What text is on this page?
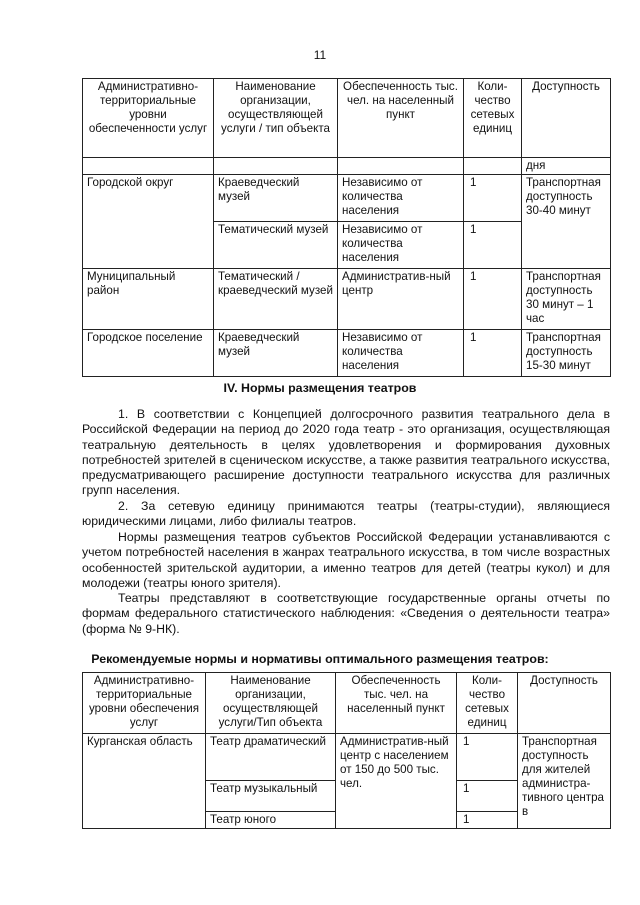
11
Административно-территориальные уровни обеспеченности услуг	Наименование организации, осуществляющей услуги / тип объекта	Обеспеченность тыс. чел. на населенный пункт	Коли-чество сетевых единиц	Доступность
				дня
Городской округ	Краеведческий музей	Независимо от количества населения	1	Транспортная доступность 30-40 минут
	Тематический музей	Независимо от количества населения	1	
Муниципальный район	Тематический / краеведческий музей	Административ-ный центр	1	Транспортная доступность 30 минут – 1 час
Городское поселение	Краеведческий музей	Независимо от количества населения	1	Транспортная доступность 15-30 минут
IV. Нормы размещения театров
1. В соответствии с Концепцией долгосрочного развития театрального дела в Российской Федерации на период до 2020 года театр - это организация, осуществляющая театральную деятельность в целях удовлетворения и формирования духовных потребностей зрителей в сценическом искусстве, а также развития театрального искусства, предусматривающего расширение доступности театрального искусства для различных групп населения.
2. За сетевую единицу принимаются театры (театры-студии), являющиеся юридическими лицами, либо филиалы театров.
Нормы размещения театров субъектов Российской Федерации устанавливаются с учетом потребностей населения в жанрах театрального искусства, в том числе возрастных особенностей зрительской аудитории, а именно театров для детей (театры кукол) и для молодежи (театры юного зрителя).
Театры представляют в соответствующие государственные органы отчеты по формам федерального статистического наблюдения: «Сведения о деятельности театра» (форма № 9-НК).
Рекомендуемые нормы и нормативы оптимального размещения театров:
Административно-территориальные уровни обеспечения услуг	Наименование организации, осуществляющей услуги/Тип объекта	Обеспеченность тыс. чел. на населенный пункт	Коли-чество сетевых единиц	Доступность
Курганская область	Театр драматический	Административ-ный центр с населением от 150 до 500 тыс. чел.	1	Транспортная доступность для жителей администра-тивного центра в
	Театр музыкальный		1	
	Театр юного		1	
